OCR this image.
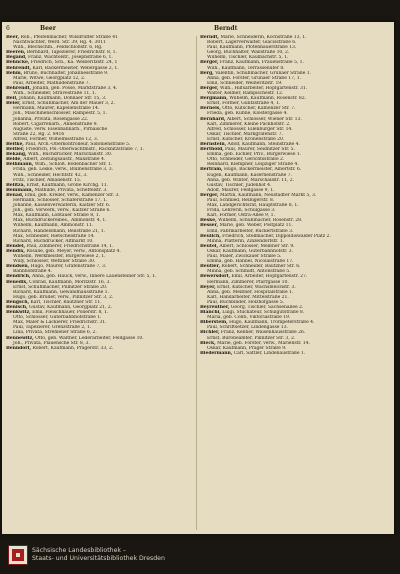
6	Beer	Berndt

Beer, Rob., Pfeifenmacher, Wilsdruffer Straße 41

Nachtwächter, Werd. Str. 39, Rg. 4. 3011

Wilh., Blechschm., Feldschloßstr. 6, Rg.

Beeren, Bernhard, Tapezierer, Friedrichstr. 8, 1.

Begand, Franz, Wachtelstr., Josephstraße 6, 1.

Behncke, Friedrich, Sch., Ka. Weißeritzstr. 24, 1

Behrendt, Karl, Bäckermeister, Webergasse 2, 1.

Behm, Bruno, Buchhalter, Johannesstraße 9.

Marie, Witwe, Georgplatz 12, 2.

Paul, Arbeiter, Mathildenstraße 7.

Behrendt, Johann, geb. Posse, Marktstraße 3, 4.

Wilh., Schneider, Struvestraße 11, 1.

Beil, Johann, Kaufmann, Dohnaer Str. 15, 3.

Beier, Ernst, Schuhmacher, Am der Mauer 3, 2.

Hermann, Maurer, Kapellenstraße 14.

Joh., Maschinenschlosser, Rampestr. 5, 1.

Johanna, Privata, Rosengasse 22.

Robert, Cigarrenarb., Annenstraße 9.

Auguste, verw. Eisenbahnarb., Pirnaische

Straße 22, Rg. 2. 8416

Alfred, Former, Wilhelmsstraße 12, 3.

Beitke, Paul, Arch.-Oberkontrolleur, Sidonienstraße 5.

Beitler, Friedrich, Pol.-Oberwachtmstr., Räcknitzstraße 7, 1.

Bekang, Wilh., Buchdrucker, Marschallstr. 30.

Belde, Albert, Zeitungsaustr., Maxstraße 4.

Belhmann, Wilh., Schloß. Bodenbacher Str. 1.

Frida, geb. Leske, verw., Blumenstraße 3, 3.

Wilh., Schneider, Hechtstr. 42, 3.

Fritz, Tischler, Amalienstr. 15.

Belitza, Ernst, Kaufmann, Große Kirchg. 11.

Bemmann, Mathilde, Privata, Scheffelstr. 3.

Benad, Emil, geb. Kreller, verw., Kamenzer Str. 3.

Hermann, Schlosser, Schäferstraße 17, 1.

Johanne, Kassenverwalterin, Kaitzer Str. 6.

Joh., geb. Vorwerk, verw., Kaitzer Straße 6.

Max, Kaufmann, Löbtauer Straße 8, 1.

Max, Buchdruckereibes., Ammonstr. 4, 1.

Wilhelm, Kaufmann, Ammonstr. 11.

Richard, Handelsmann, Beilstraße 21, 1.

Max, Schneider, Rietschelstraße 14.

Richard, Buchdrucker, Altmarkt 10.

Bendel, Paul, Zimmerer, Friedrichstraße 14, 1.

Bendix, Rosalie, geb. Meyer, verw., Antonsplatz 4.

Wilhelm, Werkmeister, Bürgerwiese 2, 1.

Willy, Schlosser, Wettiner Straße 30.

Bendsen, Hugo, Maurer, Gräfenstraße 7, 3.

Bahnhofstraße 4.

Bendrich, Anna, geb. Hauck, verw., Innere Lauensteiner Str. 5, 1.

Benedix, Conrad, Kaufmann, Moritzstr. 16, 3.

Ernst, Schuhmacher, Pillnitzer Straße 20.

Richard, Kaufmann, Gewandhausstraße 1.

Hugo, geb. Bruder, verw., Pillnitzer Str. 3, 2.

Bengsch, Karl, Tischler, Bautzner Str. 11.

Benisch, Gustav, Kaufmann, Georgplatz 21, 2.

Benkwitz, Emil, Fleischhauer, Polierstr. 8, 1.

Otto, Schlosser, Güterbahnhofstraße 1.

Max, Maler & Lackierer, Friedrichstr. 31.

Paul, Tapezierer, Grenzstraße 2, 1.

Lina, Privata, Strehlener Straße 6, 2.

Bennewitz, Otto, geb. Walther, Lederarbeiter, Feldgasse 10.

Joh., Privata, Plauensche Str. 8, 3.

Benndorf, Robert, Kaufmann, Pragerstr. 33, 2.

Berndt, Marie, Schneiderin, Kochstraße 13, 1.

Robert, Lagerverwalter, Glacisstraße 6.

Paul, Kaufmann, Pfotenhauerstraße 13.

Georg, Buchhalter, Wallstraße 10, 2.

Wilhelm, Tischler, Kaulbachstr. 5, 1.

Berger, Franz, Kaufmann, Frauenstraße 5, 1.

Wilh., Kaufmann, Terrassenufer 8.

Berg, Valentin, Schuhmacher, Grunaer Straße 1.

Anna, geb. Förster, Grunaer Straße 17, 1.

Emil, Schneider, Weißeritzstr. 19.

Berger, Wilh., Hilfsarbeiter, Hopfgartenstr. 31.

Walter, Kellner, Rampischestr. 12.

Bergmann, Wilhelm, Kaufmann, Rosenstr. 82.

Ernst, Former, Güntzstraße 4, 1.

Berneis, Otto, Kutscher, Kamenzer Str. 7.

Frieda, geb. Kühne, Klostergasse 4.

Bernhard, Albert, Schlosser, Wiener Str. 13.

Karl, Zimmerer, Kleine Packhofstr. 2.

Alfred, Schlosser, Eilenburger Str. 14.

Oskar, Tischler, Markgrafenstr. 7.

Ernst, Kutscher, Kronenstraße 20.

Bernstein, Adolf, Kaufmann, Steinstraße 4.

Berthold, Paul, Maurer, Seidnitzer Str. 5.

Emma, geb. Eichler, Priv., Bürgerwiese 1.

Otto, Schneider, Gerichtsstraße 2.

Reinhard, Klempner, Leipziger Straße 4.

Bertram, Hugo, Bäckermeister, Albertstr. 6.

Eugen, Kaufmann, Kasernenstraße 7.

Anna, geb. Winter, Marschallstr. 11, 2.

Gustav, Tischler, Jüdenhof 4.

Adolf, Maurer, Feldgasse 9, 1.

Berger, Martin, Kaufmann, Neustädter Markt 5, 3.

Paul, Schmied, Reißigerstr. 8.

Max, Landgerichtsrat, Hauptstraße 8, 1.

Frida, Lehrerin, Schulgasse 3.

Karl, Former, Ostra-Allee 9, 1.

Beske, Wilhelm, Schuhmacher, Rosenstr. 28.

Besser, Marie, geb. Weber, Postplatz 11.

Emil, Fabrikarbeiter, Rückertstraße 3.

Beulich, Friedrich, Stellmacher, Dippoldiswalder Platz 2.

Minna, Plätterin, Zinzendorfstr. 1.

Beutel, Albert, Schlosser, Meißner Str. 9.

Oskar, Kaufmann, Güterbahnhofstr. 3.

Paul, Maler, Zwickauer Straße 5.

Emma, geb. Hähnel, Nicolaistraße 17.

Beutler, Robert, Schneider, Bautzner Str. 6.

Minna, geb. Schmidt, Antonstraße 5.

Bewersdorf, Emil, Arbeiter, Hopfgartenstr. 27.

Hermann, Zimmerer, Pfarrgasse 10.

Beyer, Ernst, Kutscher, Wachsbleichstr. 3.

Anna, geb. Meißner, Hospitalstraße 1.

Karl, Handarbeiter, Mittelstraße 21.

Paul, Buchbinder, Holzhofgasse 5.

Beyreuther, Georg, Tischler, Sachsenallee 2.

Bianchi, Luigi, Stuckateur, Schulgutstraße 8.

Maria, geb. Conti, Viktoriastraße 19.

Biberstein, Hugo, Kaufmann, Trompeterstraße 4.

Paul, Schriftsetzer, Lindengasse 13.

Bichler, Franz, Kellner, Waisenhausstraße 26.

Ernst, Bürobeamter, Pillnitzer Str. 3, 2.

Bieck, Marie, geb. Förster, verw., Marienstr. 14.

Oskar, Kaufmann, Prager Straße 9.

Biedermann, Carl, Sattler, Lindenaustraße 1.

Sächsische Landesbibliothek –
Staats- und Universitätsbibliothek Dresden
